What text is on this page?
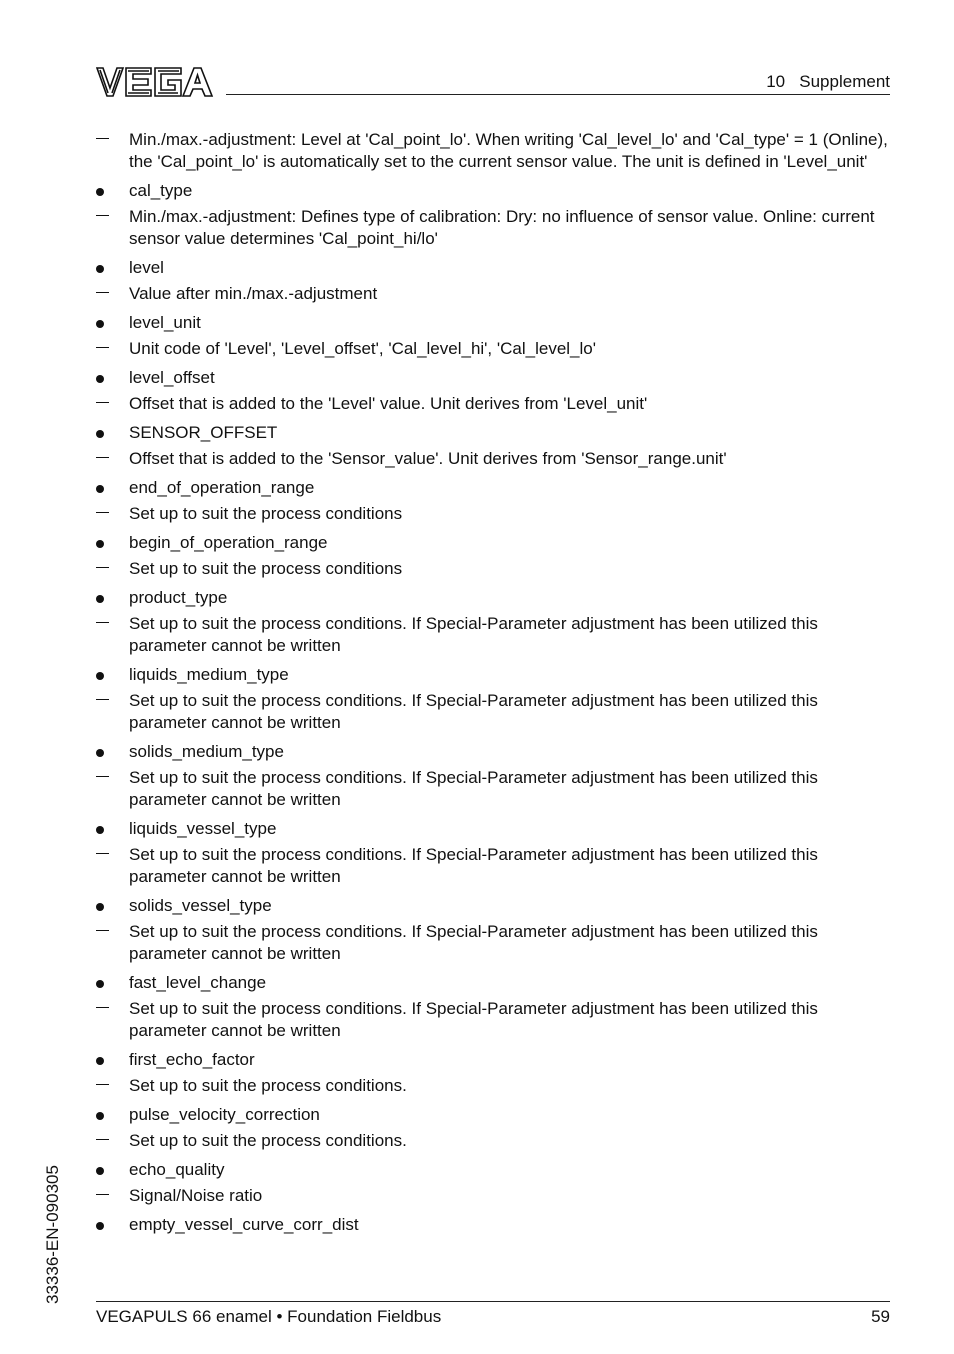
10   Supplement
Min./max.-adjustment: Level at 'Cal_point_lo'. When writing 'Cal_level_lo' and 'Cal_type' = 1 (Online), the 'Cal_point_lo' is automatically set to the current sensor value. The unit is defined in 'Level_unit'
cal_type
Min./max.-adjustment: Defines type of calibration: Dry: no influence of sensor value. Online: current sensor value determines 'Cal_point_hi/lo'
level
Value after min./max.-adjustment
level_unit
Unit code of 'Level', 'Level_offset', 'Cal_level_hi', 'Cal_level_lo'
level_offset
Offset that is added to the 'Level' value. Unit derives from 'Level_unit'
SENSOR_OFFSET
Offset that is added to the 'Sensor_value'. Unit derives from 'Sensor_range.unit'
end_of_operation_range
Set up to suit the process conditions
begin_of_operation_range
Set up to suit the process conditions
product_type
Set up to suit the process conditions. If Special-Parameter adjustment has been utilized this parameter cannot be written
liquids_medium_type
Set up to suit the process conditions. If Special-Parameter adjustment has been utilized this parameter cannot be written
solids_medium_type
Set up to suit the process conditions. If Special-Parameter adjustment has been utilized this parameter cannot be written
liquids_vessel_type
Set up to suit the process conditions. If Special-Parameter adjustment has been utilized this parameter cannot be written
solids_vessel_type
Set up to suit the process conditions. If Special-Parameter adjustment has been utilized this parameter cannot be written
fast_level_change
Set up to suit the process conditions. If Special-Parameter adjustment has been utilized this parameter cannot be written
first_echo_factor
Set up to suit the process conditions.
pulse_velocity_correction
Set up to suit the process conditions.
echo_quality
Signal/Noise ratio
empty_vessel_curve_corr_dist
33336-EN-090305
VEGAPULS 66 enamel • Foundation Fieldbus	59
